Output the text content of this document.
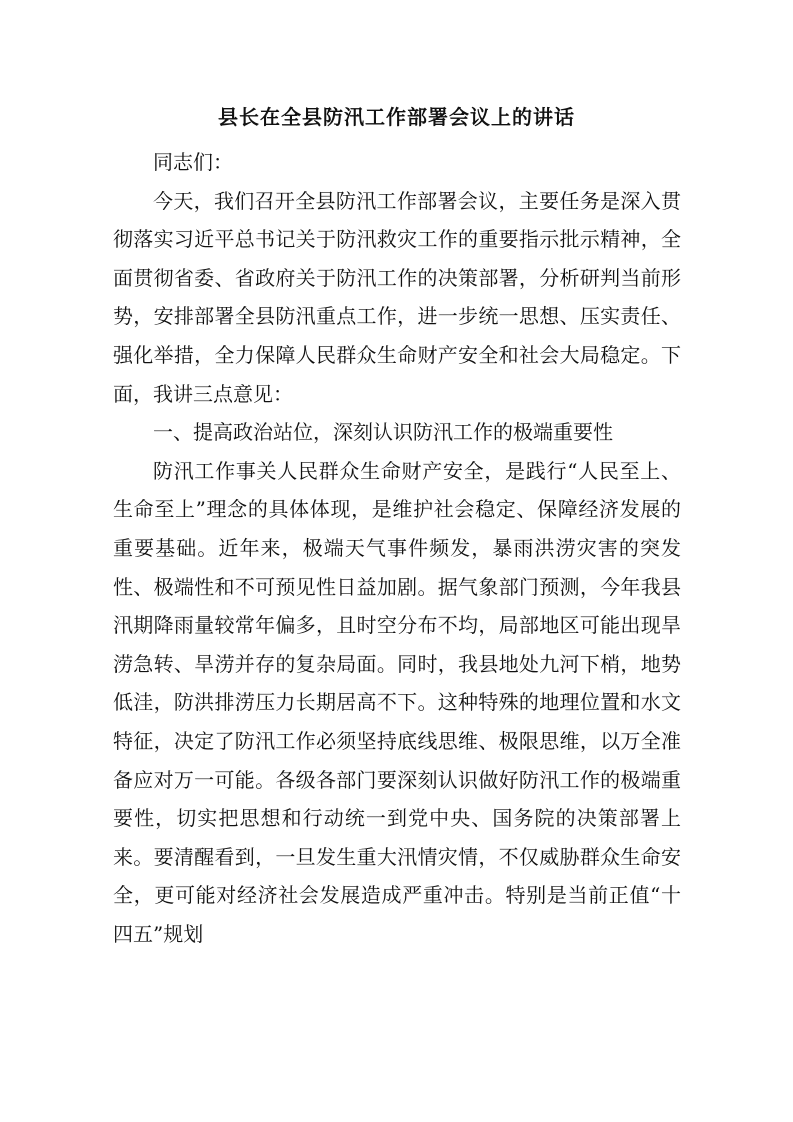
县长在全县防汛工作部署会议上的讲话

同志们：

今天，我们召开全县防汛工作部署会议，主要任务是深入贯彻落实习近平总书记关于防汛救灾工作的重要指示批示精神，全面贯彻省委、省政府关于防汛工作的决策部署，分析研判当前形势，安排部署全县防汛重点工作，进一步统一思想、压实责任、强化举措，全力保障人民群众生命财产安全和社会大局稳定。下面，我讲三点意见：

一、提高政治站位，深刻认识防汛工作的极端重要性

防汛工作事关人民群众生命财产安全，是践行“人民至上、生命至上”理念的具体体现，是维护社会稳定、保障经济发展的重要基础。近年来，极端天气事件频发，暴雨洪涝灾害的突发性、极端性和不可预见性日益加剧。据气象部门预测，今年我县汛期降雨量较常年偏多，且时空分布不均，局部地区可能出现旱涝急转、旱涝并存的复杂局面。同时，我县地处九河下梢，地势低洼，防洪排涝压力长期居高不下。这种特殊的地理位置和水文特征，决定了防汛工作必须坚持底线思维、极限思维，以万全准备应对万一可能。各级各部门要深刻认识做好防汛工作的极端重要性，切实把思想和行动统一到党中央、国务院的决策部署上来。要清醒看到，一旦发生重大汛情灾情，不仅威胁群众生命安全，更可能对经济社会发展造成严重冲击。特别是当前正值“十四五”规划
